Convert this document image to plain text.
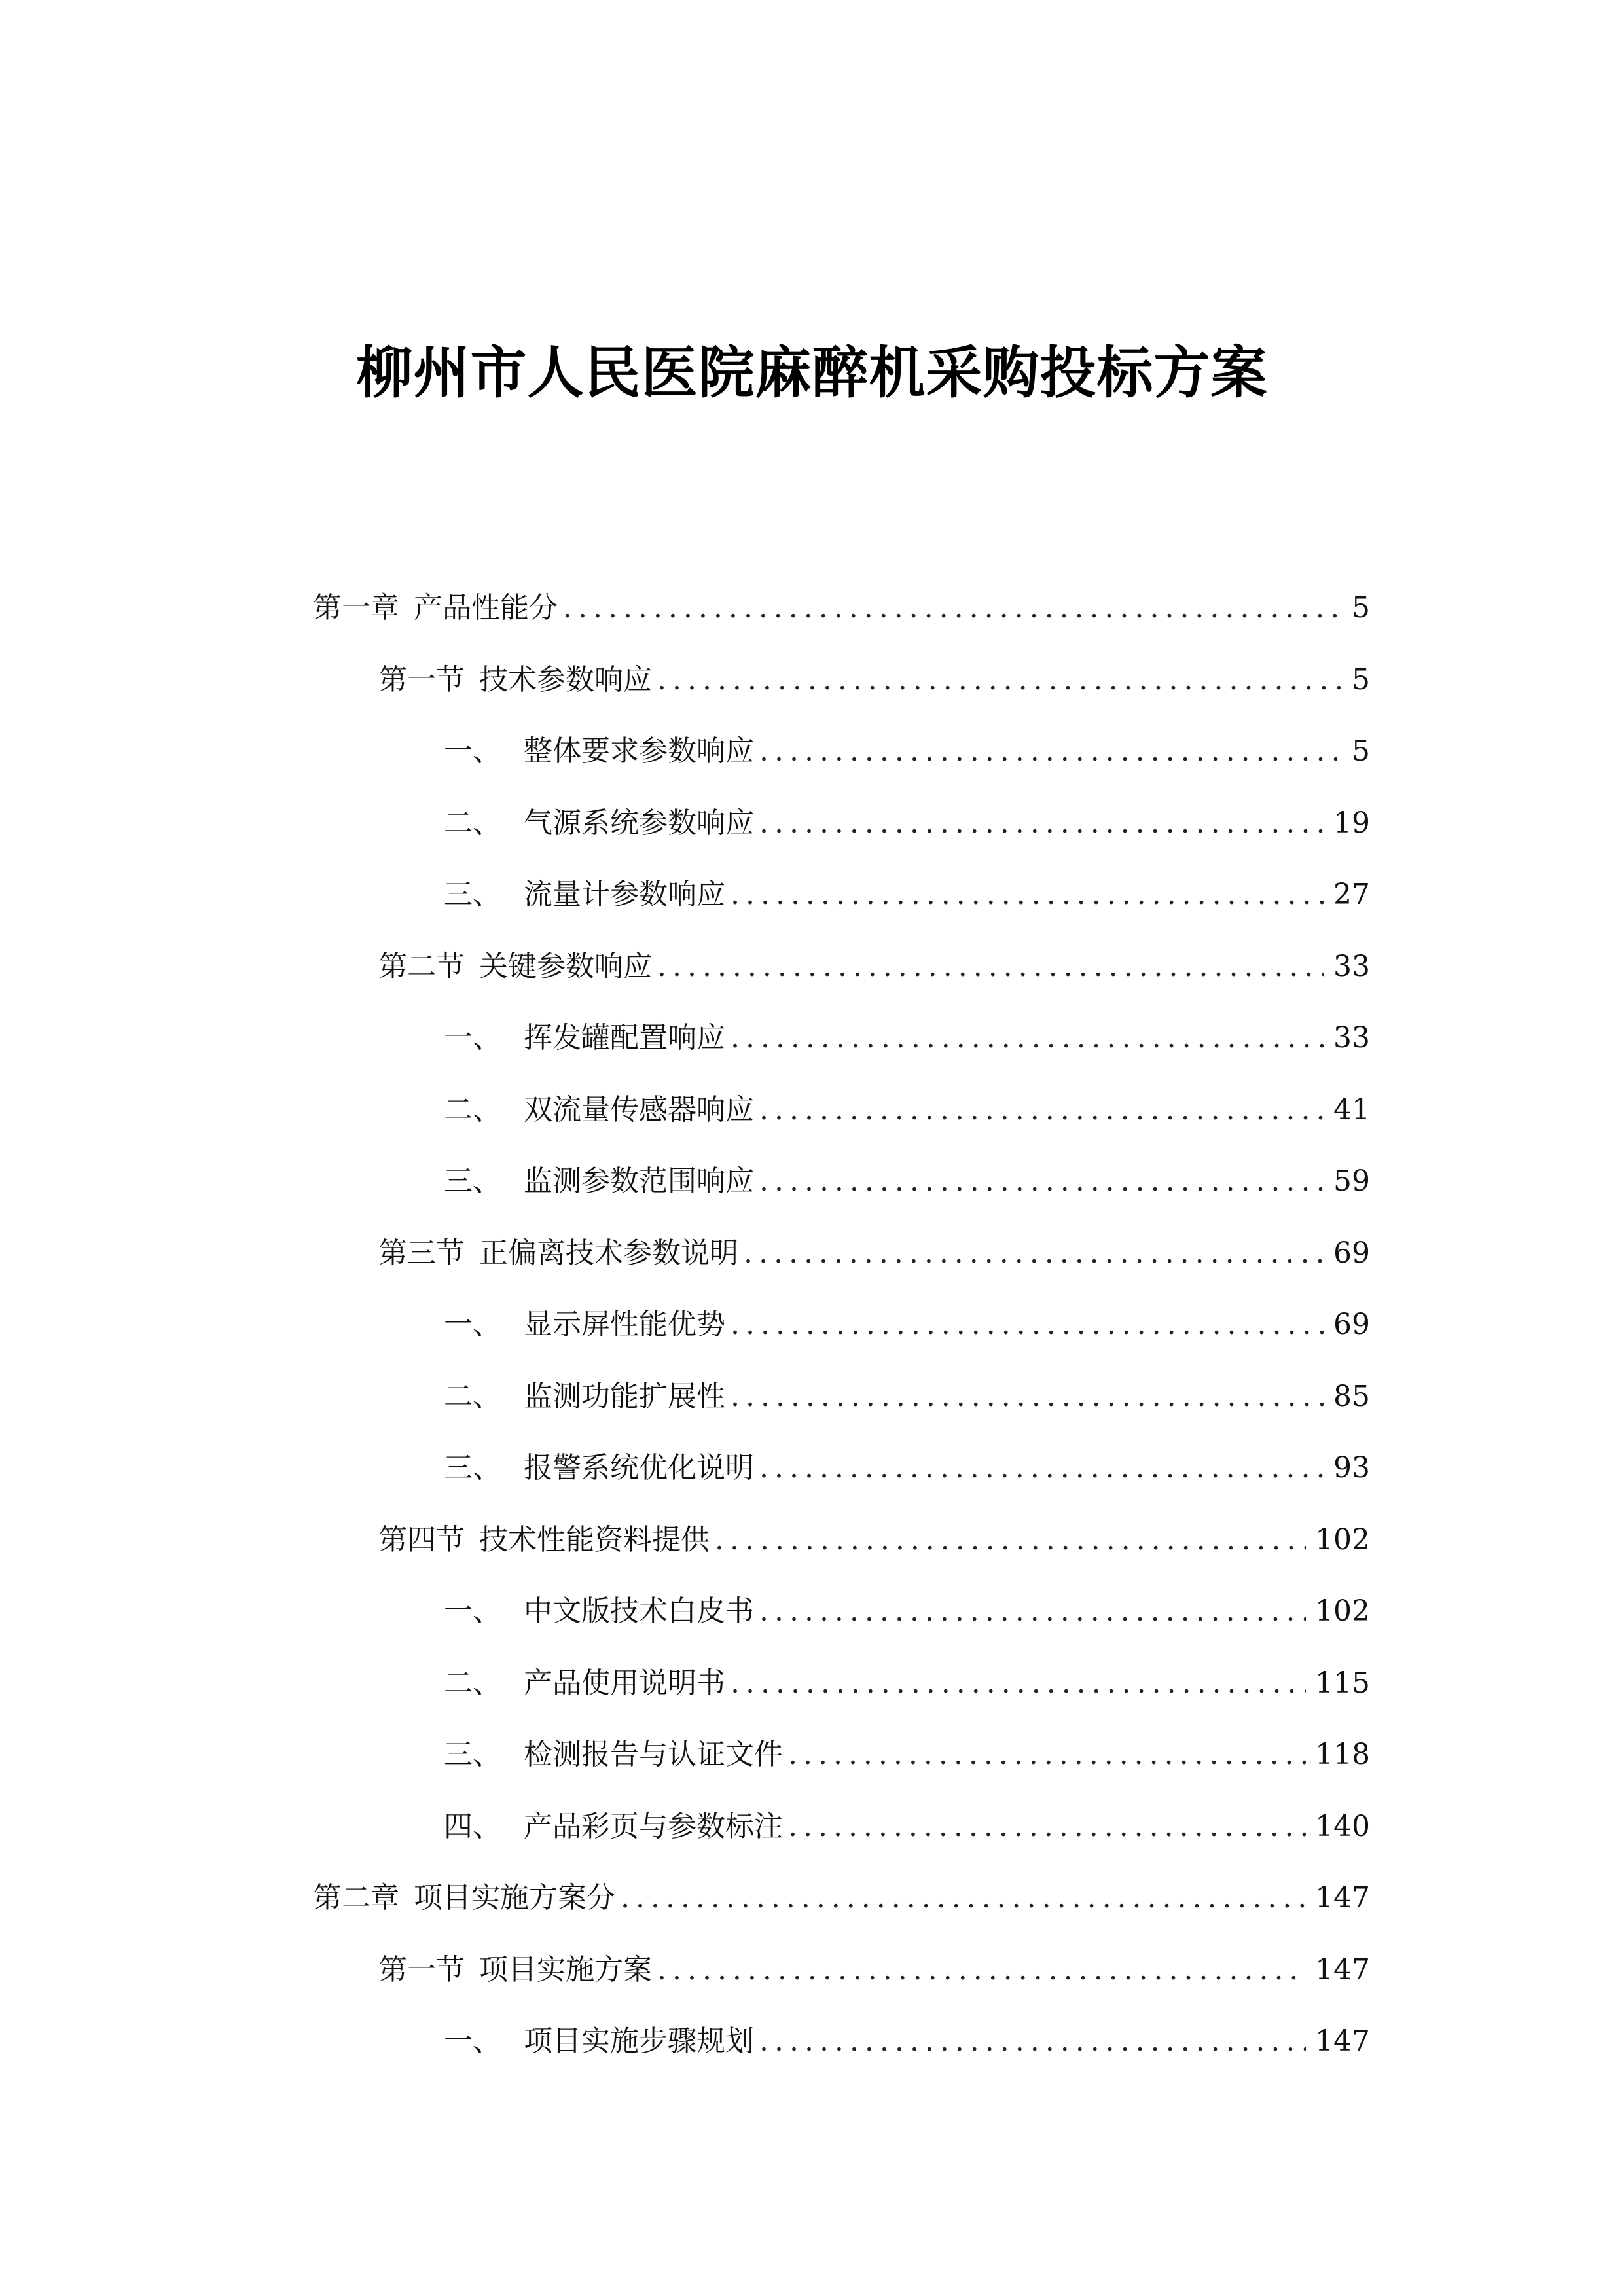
柳州市人民医院麻醉机采购投标方案
第一章 产品性能分 .....	5
第一节 技术参数响应 .....	5
一、 整体要求参数响应 .....	5
二、 气源系统参数响应 .....	19
三、 流量计参数响应 .....	27
第二节 关键参数响应 .....	33
一、 挥发罐配置响应 .....	33
二、 双流量传感器响应 .....	41
三、 监测参数范围响应 .....	59
第三节 正偏离技术参数说明 .....	69
一、 显示屏性能优势 .....	69
二、 监测功能扩展性 .....	85
三、 报警系统优化说明 .....	93
第四节 技术性能资料提供 .....	102
一、 中文版技术白皮书 .....	102
二、 产品使用说明书 .....	115
三、 检测报告与认证文件 .....	118
四、 产品彩页与参数标注 .....	140
第二章 项目实施方案分 .....	147
第一节 项目实施方案 .....	147
一、 项目实施步骤规划 .....	147
